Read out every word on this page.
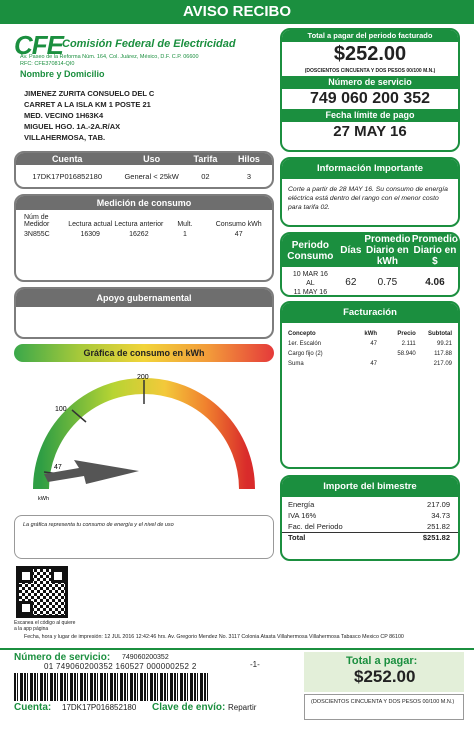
AVISO RECIBO
CFE Comisión Federal de Electricidad
Av. Paseo de la Reforma Núm. 164, Col. Juárez, México, D.F. C.P. 06600
RFC: CFE370814-QI0
Nombre y Domicilio
JIMENEZ ZURITA CONSUELO DEL C
CARRET A LA ISLA KM 1 POSTE 21
MED. VECINO 1H63K4
MIGUEL HGO. 1A.-2A.R/AX
VILLAHERMOSA, TAB.
Total a pagar del periodo facturado
$252.00
(DOSCIENTOS CINCUENTA Y DOS PESOS 00/100 M.N.)
Número de servicio
749 060 200 352
Fecha límite de pago
27 MAY 16
Cuenta	Uso	Tarifa	Hilos
17DK17P016852180	General < 25kW	02	3
Medición de consumo
Núm de Medidor	Lectura actual	Lectura anterior	Mult.	Consumo kWh
3N855C	16309	16262	1	47
Apoyo gubernamental
Gráfica de consumo en kWh
200
100
47
kWh
La gráfica representa tu consumo de energía y el nivel de uso
Información Importante
Corte a partir de 28 MAY 16. Su consumo de energía eléctrica está dentro del rango con el menor costo para tarifa 02.
Periodo Consumo	Días	Promedio Diario en kWh	Promedio Diario en $

10 MAR 16
AL
11 MAY 16	62	0.75	4.06
Facturación
Concepto	kWh	Precio	Subtotal
1er. Escalón	47	2.111	99.21
Cargo fijo (2)		58.940	117.88
Suma	47		217.09
Importe del bimestre
Energía	217.09
IVA 16%	34.73
Fac. del Periodo	251.82
Total	$251.82
Escanea el código al quiere a la app página
Fecha, hora y lugar de impresión: 12 JUL 2016 12:42:46 hrs. Av. Gregorio Mendez No. 3117 Colonia Atasta Villahermosa Villahermosa Tabasco Mexico CP 86100
Número de servicio: 749060200352
01 749060200352 160527 000000252 2	-1-
Cuenta: 17DK17P016852180 Clave de envío: Repartir
Total a pagar:
$252.00
(DOSCIENTOS CINCUENTA Y DOS PESOS 00/100 M.N.)
